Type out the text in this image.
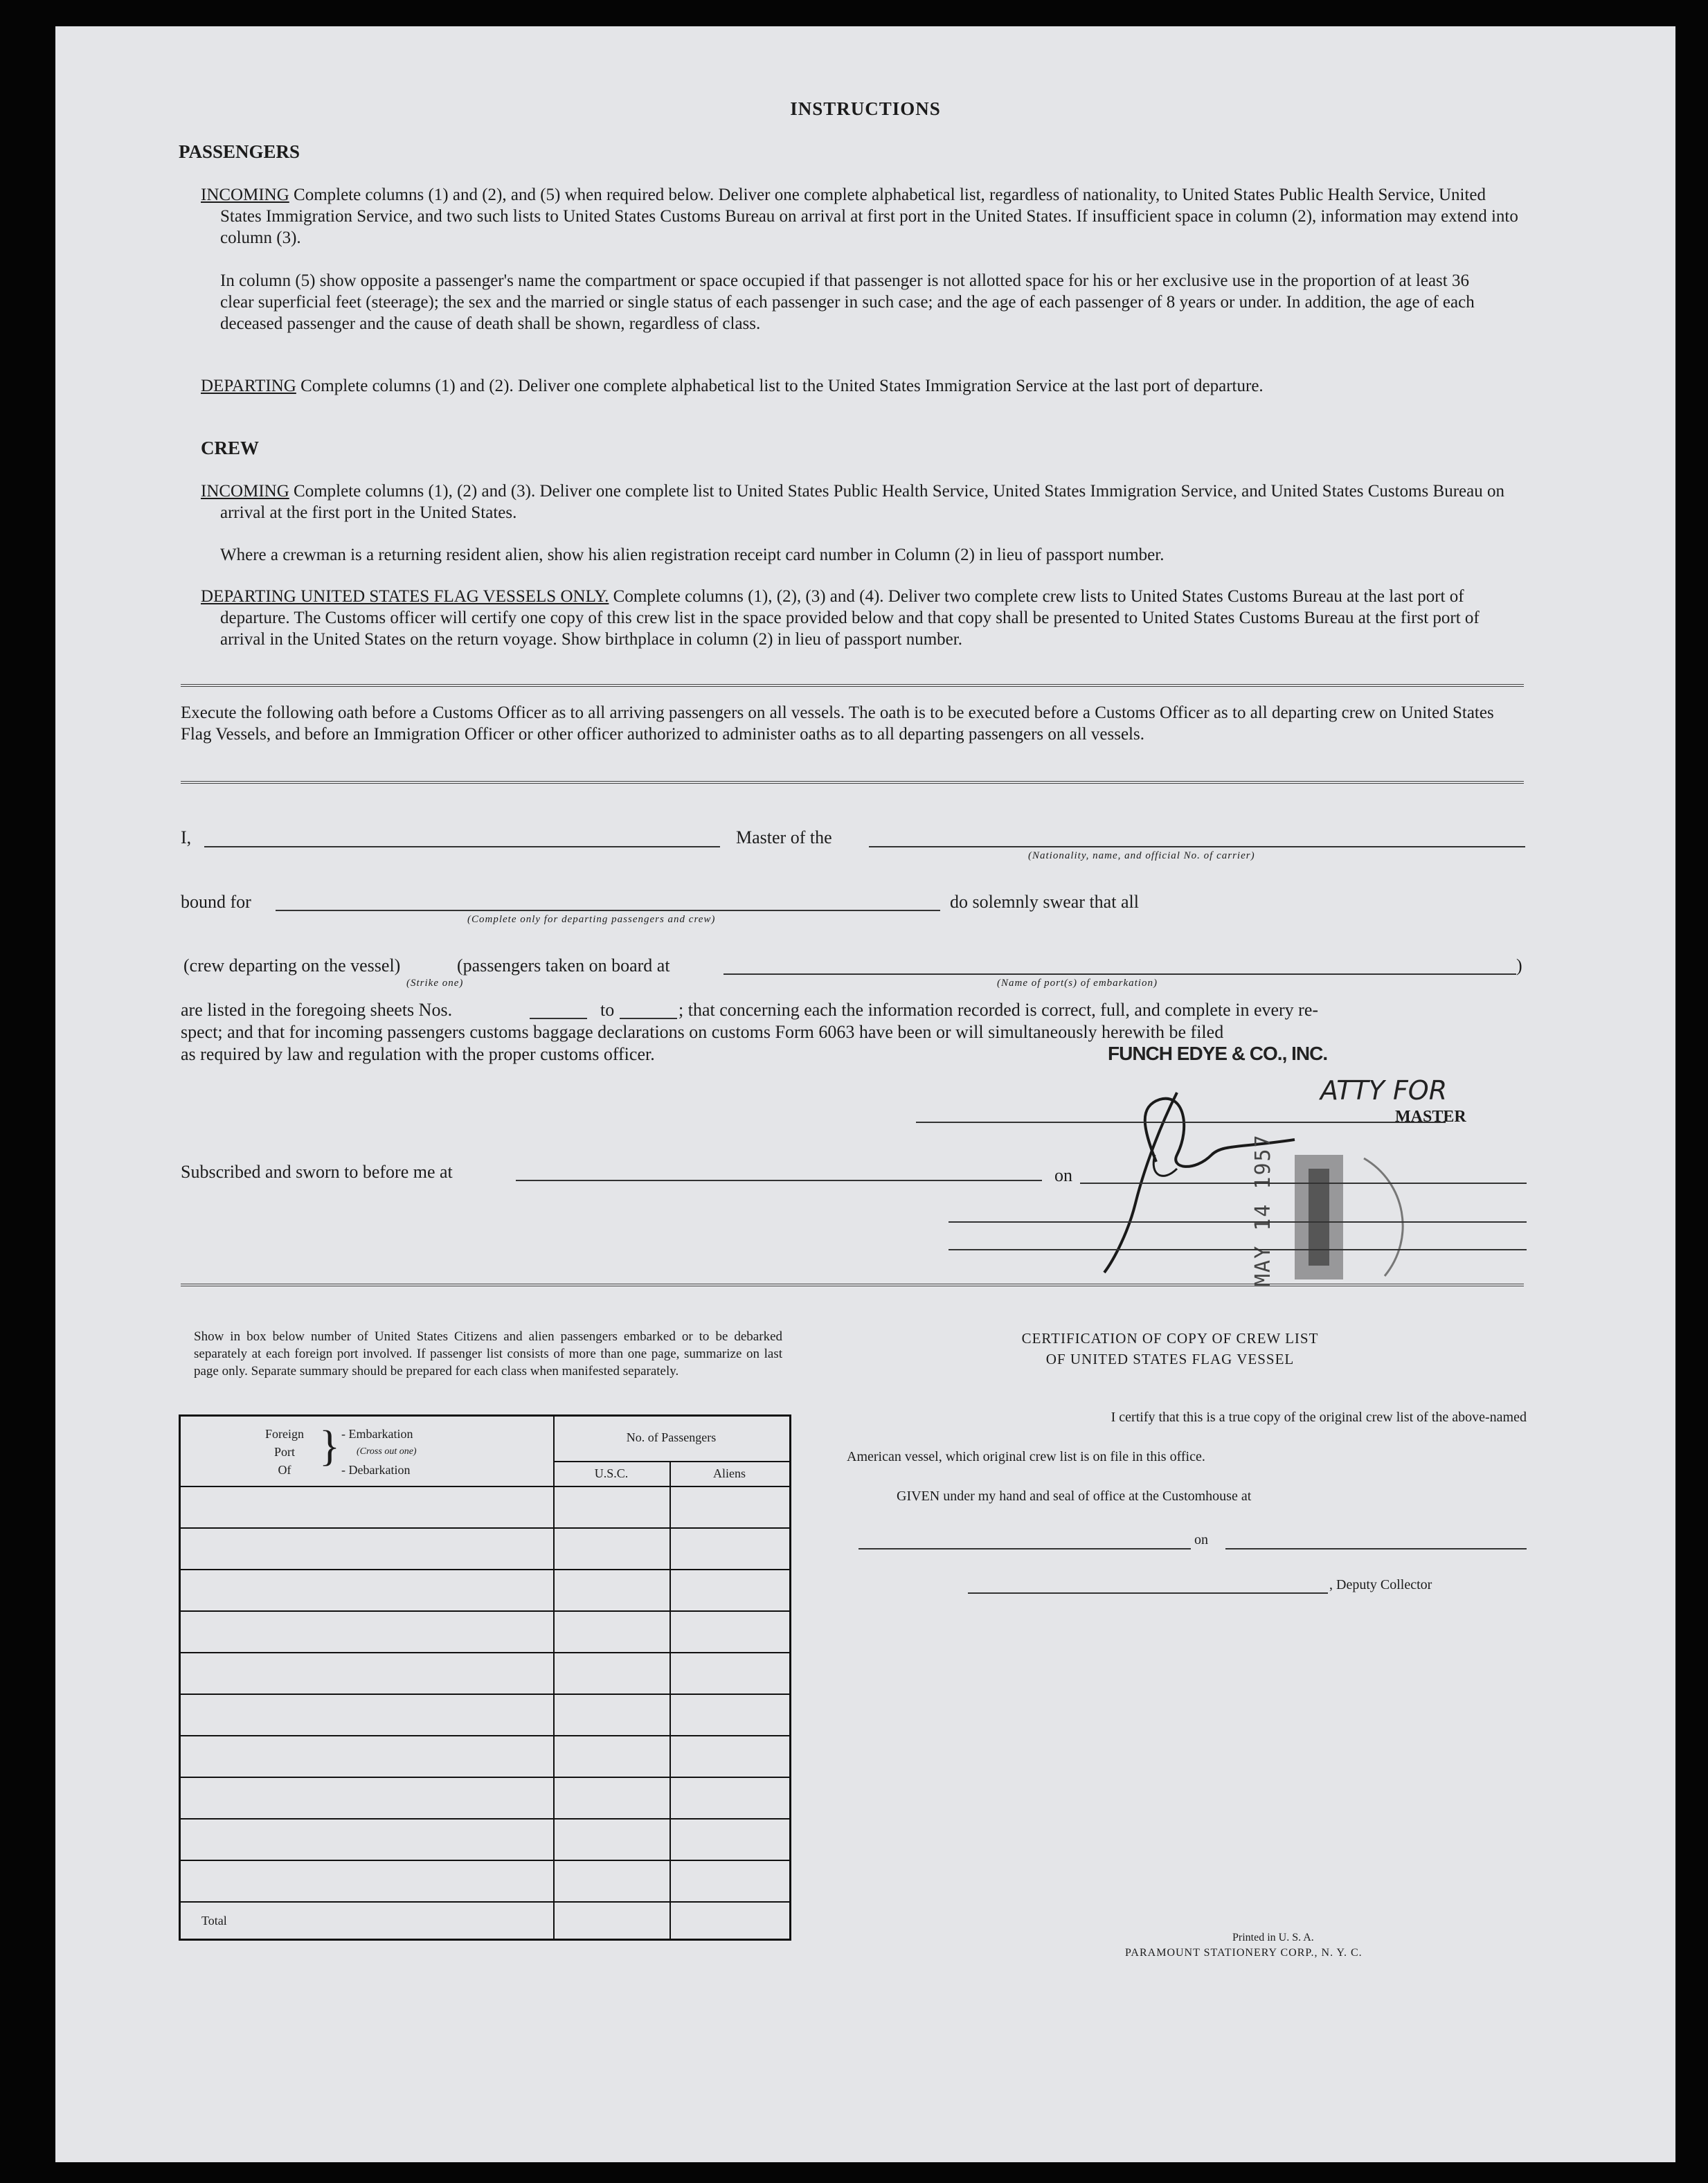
INSTRUCTIONS
PASSENGERS
INCOMING Complete columns (1) and (2), and (5) when required below. Deliver one complete alphabetical list, regardless of nationality, to United States Public Health Service, United States Immigration Service, and two such lists to United States Customs Bureau on arrival at first port in the United States. If insufficient space in column (2), information may extend into column (3).
In column (5) show opposite a passenger's name the compartment or space occupied if that passenger is not allotted space for his or her exclusive use in the proportion of at least 36 clear superficial feet (steerage); the sex and the married or single status of each passenger in such case; and the age of each passenger of 8 years or under. In addition, the age of each deceased passenger and the cause of death shall be shown, regardless of class.
DEPARTING Complete columns (1) and (2). Deliver one complete alphabetical list to the United States Immigration Service at the last port of departure.
CREW
INCOMING Complete columns (1), (2) and (3). Deliver one complete list to United States Public Health Service, United States Immigration Service, and United States Customs Bureau on arrival at the first port in the United States.
Where a crewman is a returning resident alien, show his alien registration receipt card number in Column (2) in lieu of passport number.
DEPARTING UNITED STATES FLAG VESSELS ONLY. Complete columns (1), (2), (3) and (4). Deliver two complete crew lists to United States Customs Bureau at the last port of departure. The Customs officer will certify one copy of this crew list in the space provided below and that copy shall be presented to United States Customs Bureau at the first port of arrival in the United States on the return voyage. Show birthplace in column (2) in lieu of passport number.
Execute the following oath before a Customs Officer as to all arriving passengers on all vessels. The oath is to be executed before a Customs Officer as to all departing crew on United States Flag Vessels, and before an Immigration Officer or other officer authorized to administer oaths as to all departing passengers on all vessels.
I,	Master of the
(Nationality, name, and official No. of carrier)
bound for
(Complete only for departing passengers and crew)
do solemnly swear that all
(crew departing on the vessel)	(passengers taken on board at	)
(Strike one)	(Name of port(s) of embarkation)
are listed in the foregoing sheets Nos.	to	; that concerning each the information recorded is correct, full, and complete in every re-
spect; and that for incoming passengers customs baggage declarations on customs Form 6063 have been or will simultaneously herewith be filed
as required by law and regulation with the proper customs officer.	FUNCH EDYE & CO., INC.
ATTY FOR
MASTER
MAY 14 1957
Subscribed and sworn to before me at	on
Show in box below number of United States Citizens and alien passengers embarked or to be debarked separately at each foreign port involved. If passenger list consists of more than one page, summarize on last page only. Separate summary should be prepared for each class when manifested separately.
Foreign
Port
Of } - Embarkation
(Cross out one)
- Debarkation
No. of Passengers
U.S.C.	Aliens
Total
CERTIFICATION OF COPY OF CREW LIST
OF UNITED STATES FLAG VESSEL
I certify that this is a true copy of the original crew list of the above-named
American vessel, which original crew list is on file in this office.
GIVEN under my hand and seal of office at the Customhouse at
on
, Deputy Collector
Printed in U. S. A.
PARAMOUNT STATIONERY CORP., N. Y. C.
